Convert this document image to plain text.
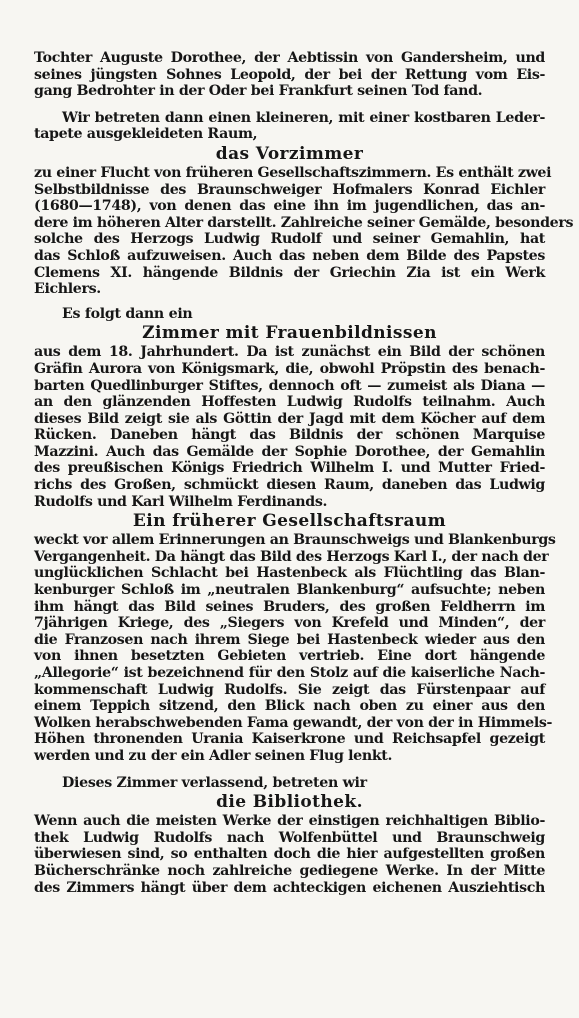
Tochter Auguste Dorothee, der Aebtissin von Gandersheim, und
seines jüngsten Sohnes Leopold, der bei der Rettung vom Eis-
gang Bedrohter in der Oder bei Frankfurt seinen Tod fand.
Wir betreten dann einen kleineren, mit einer kostbaren Leder-
tapete ausgekleideten Raum,
das Vorzimmer
zu einer Flucht von früheren Gesellschaftszimmern. Es enthält zwei
Selbstbildnisse des Braunschweiger Hofmalers Konrad Eichler
(1680—1748), von denen das eine ihn im jugendlichen, das an-
dere im höheren Alter darstellt. Zahlreiche seiner Gemälde, besonders
solche des Herzogs Ludwig Rudolf und seiner Gemahlin, hat
das Schloß aufzuweisen. Auch das neben dem Bilde des Papstes
Clemens XI. hängende Bildnis der Griechin Zia ist ein Werk
Eichlers.

Es folgt dann ein

Zimmer mit Frauenbildnissen
aus dem 18. Jahrhundert. Da ist zunächst ein Bild der schönen
Gräfin Aurora von Königsmark, die, obwohl Pröpstin des benach-
barten Quedlinburger Stiftes, dennoch oft — zumeist als Diana —
an den glänzenden Hoffesten Ludwig Rudolfs teilnahm. Auch
dieses Bild zeigt sie als Göttin der Jagd mit dem Köcher auf dem
Rücken. Daneben hängt das Bildnis der schönen Marquise
Mazzini. Auch das Gemälde der Sophie Dorothee, der Gemahlin
des preußischen Königs Friedrich Wilhelm I. und Mutter Fried-
richs des Großen, schmückt diesen Raum, daneben das Ludwig
Rudolfs und Karl Wilhelm Ferdinands.
Ein früherer Gesellschaftsraum
weckt vor allem Erinnerungen an Braunschweigs und Blankenburgs
Vergangenheit. Da hängt das Bild des Herzogs Karl I., der nach der
unglücklichen Schlacht bei Hastenbeck als Flüchtling das Blan-
kenburger Schloß im „neutralen Blankenburg“ aufsuchte; neben
ihm hängt das Bild seines Bruders, des großen Feldherrn im
7jährigen Kriege, des „Siegers von Krefeld und Minden“, der
die Franzosen nach ihrem Siege bei Hastenbeck wieder aus den
von ihnen besetzten Gebieten vertrieb. Eine dort hängende
„Allegorie“ ist bezeichnend für den Stolz auf die kaiserliche Nach-
kommenschaft Ludwig Rudolfs. Sie zeigt das Fürstenpaar auf
einem Teppich sitzend, den Blick nach oben zu einer aus den
Wolken herabschwebenden Fama gewandt, der von der in Himmels-
Höhen thronenden Urania Kaiserkrone und Reichsapfel gezeigt
werden und zu der ein Adler seinen Flug lenkt.

Dieses Zimmer verlassend, betreten wir

die Bibliothek.
Wenn auch die meisten Werke der einstigen reichhaltigen Biblio-
thek Ludwig Rudolfs nach Wolfenbüttel und Braunschweig
überwiesen sind, so enthalten doch die hier aufgestellten großen
Bücherschränke noch zahlreiche gediegene Werke. In der Mitte
des Zimmers hängt über dem achteckigen eichenen Ausziehtisch
